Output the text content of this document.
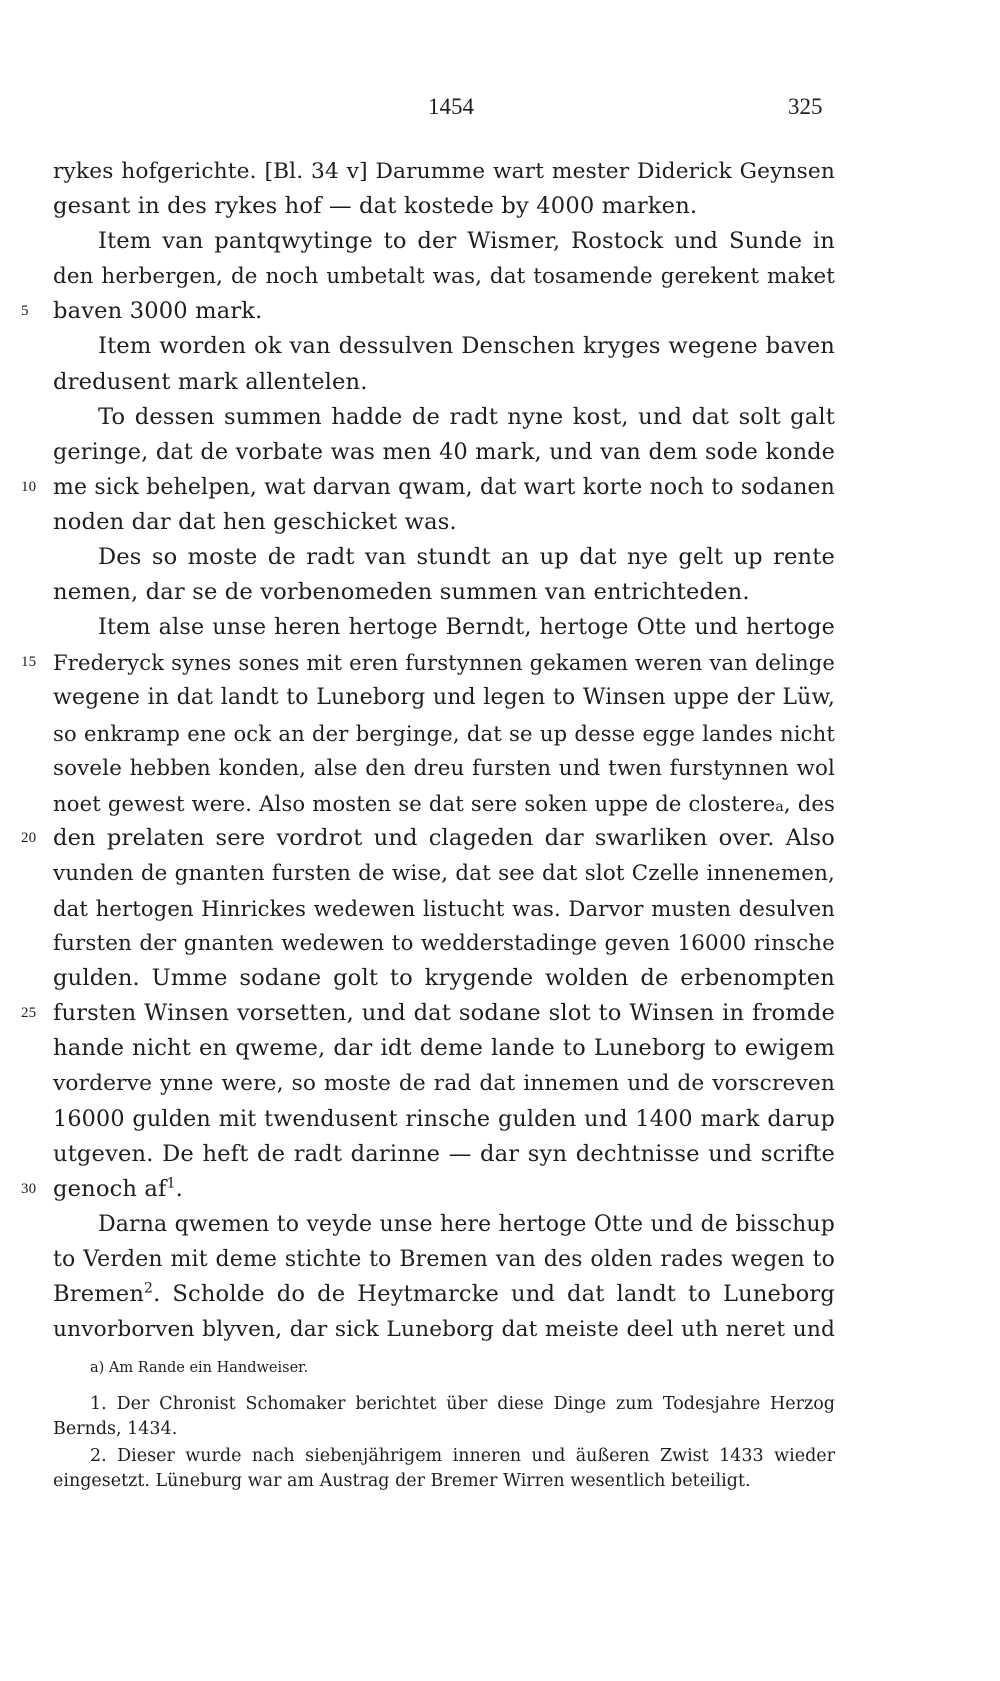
1454	325
rykes hofgerichte. [Bl. 34 v] Darumme wart mester Diderick Geynsen
gesant in des rykes hof — dat kostede by 4000 marken.
Item van pantqwytinge to der Wismer, Rostock und Sunde in
den herbergen, de noch umbetalt was, dat tosamende gerekent maket
5	baven 3000 mark.
Item worden ok van dessulven Denschen kryges wegene baven
dredusent mark allentelen.
To dessen summen hadde de radt nyne kost, und dat solt galt
geringe, dat de vorbate was men 40 mark, und van dem sode konde
10 me sick behelpen, wat darvan qwam, dat wart korte noch to sodanen
noden dar dat hen geschicket was.
Des so moste de radt van stundt an up dat nye gelt up rente
nemen, dar se de vorbenomeden summen van entrichteden.
Item alse unse heren hertoge Berndt, hertoge Otte und hertoge
15 Frederyck synes sones mit eren furstynnen gekamen weren van delinge
wegene in dat landt to Luneborg und legen to Winsen uppe der Lüw,
so enkramp ene ock an der berginge, dat se up desse egge landes nicht
sovele hebben konden, alse den dreu fursten und twen furstynnen wol
noet gewest were. Also mosten se dat sere soken uppe de closterea, des
20 den prelaten sere vordrot und clageden dar swarliken over. Also
vunden de gnanten fursten de wise, dat see dat slot Czelle innenemen,
dat hertogen Hinrickes wedewen listucht was. Darvor musten desulven
fursten der gnanten wedewen to wedderstadinge geven 16000 rinsche
gulden. Umme sodane golt to krygende wolden de erbenompten
25 fursten Winsen vorsetten, und dat sodane slot to Winsen in fromde
hande nicht en qweme, dar idt deme lande to Luneborg to ewigem
vorderve ynne were, so moste de rad dat innemen und de vorscreven
16000 gulden mit twendusent rinsche gulden und 1400 mark darup
utgeven. De heft de radt darinne — dar syn dechtnisse und scrifte
30 genoch $af^1$.
Darna qwemen to veyde unse here hertoge Otte und de bisschup
to Verden mit deme stichte to Bremen van des olden rades wegen to
Bremen$^2$. Scholde do de Heytmarcke und dat landt to Luneborg
unvorborven blyven, dar sick Luneborg dat meiste deel uth neret und
a) Am Rande ein Handweiser.
1. Der Chronist Schomaker berichtet über diese Dinge zum Todesjahre Herzog
Bernds, 1434.
2. Dieser wurde nach siebenjährigem inneren und äußeren Zwist 1433 wieder
eingesetzt. Lüneburg war am Austrag der Bremer Wirren wesentlich beteiligt.
